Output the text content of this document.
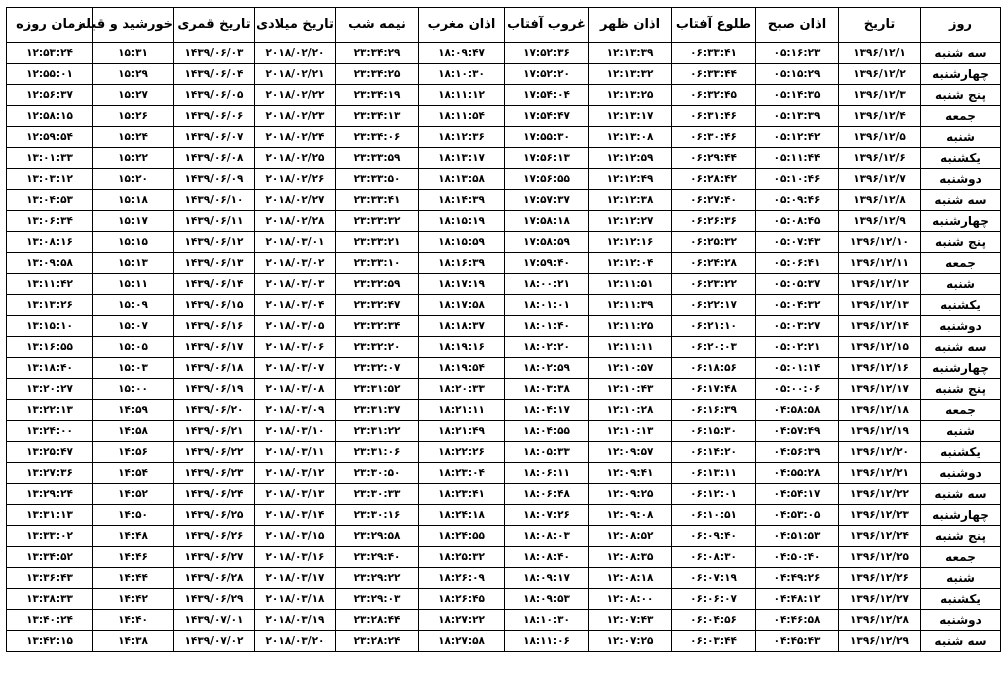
روز	تاریخ	اذان صبح	طلوع آفتاب	اذان ظهر	غروب آفتاب	اذان مغرب	نیمه شب	تاریخ میلادی	تاریخ قمری	خورشید و قبله	زمان روزه
سه شنبه	۱۳۹۶/۱۲/۱	۰۵:۱۶:۲۳	۰۶:۳۳:۴۱	۱۲:۱۳:۳۹	۱۷:۵۲:۳۶	۱۸:۰۹:۴۷	۲۳:۳۴:۲۹	۲۰۱۸/۰۲/۲۰	۱۴۳۹/۰۶/۰۳	۱۵:۳۱	۱۲:۵۳:۲۴
چهارشنبه	۱۳۹۶/۱۲/۲	۰۵:۱۵:۲۹	۰۶:۳۳:۴۴	۱۲:۱۳:۳۲	۱۷:۵۲:۲۰	۱۸:۱۰:۳۰	۲۳:۳۴:۲۵	۲۰۱۸/۰۲/۲۱	۱۴۳۹/۰۶/۰۴	۱۵:۲۹	۱۲:۵۵:۰۱
پنج شنبه	۱۳۹۶/۱۲/۳	۰۵:۱۴:۳۵	۰۶:۳۲:۴۵	۱۲:۱۳:۲۵	۱۷:۵۴:۰۴	۱۸:۱۱:۱۲	۲۳:۳۴:۱۹	۲۰۱۸/۰۲/۲۲	۱۴۳۹/۰۶/۰۵	۱۵:۲۷	۱۲:۵۶:۳۷
جمعه	۱۳۹۶/۱۲/۴	۰۵:۱۳:۳۹	۰۶:۳۱:۴۶	۱۲:۱۳:۱۷	۱۷:۵۴:۴۷	۱۸:۱۱:۵۴	۲۳:۳۴:۱۳	۲۰۱۸/۰۲/۲۳	۱۴۳۹/۰۶/۰۶	۱۵:۲۶	۱۲:۵۸:۱۵
شنبه	۱۳۹۶/۱۲/۵	۰۵:۱۲:۴۲	۰۶:۳۰:۴۶	۱۲:۱۳:۰۸	۱۷:۵۵:۳۰	۱۸:۱۲:۳۶	۲۳:۳۴:۰۶	۲۰۱۸/۰۲/۲۴	۱۴۳۹/۰۶/۰۷	۱۵:۲۴	۱۲:۵۹:۵۴
یکشنبه	۱۳۹۶/۱۲/۶	۰۵:۱۱:۴۴	۰۶:۲۹:۴۴	۱۲:۱۲:۵۹	۱۷:۵۶:۱۳	۱۸:۱۳:۱۷	۲۳:۳۳:۵۹	۲۰۱۸/۰۲/۲۵	۱۴۳۹/۰۶/۰۸	۱۵:۲۲	۱۳:۰۱:۳۳
دوشنبه	۱۳۹۶/۱۲/۷	۰۵:۱۰:۴۶	۰۶:۲۸:۴۲	۱۲:۱۲:۴۹	۱۷:۵۶:۵۵	۱۸:۱۳:۵۸	۲۳:۳۳:۵۰	۲۰۱۸/۰۲/۲۶	۱۴۳۹/۰۶/۰۹	۱۵:۲۰	۱۳:۰۳:۱۲
سه شنبه	۱۳۹۶/۱۲/۸	۰۵:۰۹:۴۶	۰۶:۲۷:۴۰	۱۲:۱۲:۳۸	۱۷:۵۷:۳۷	۱۸:۱۴:۳۹	۲۳:۳۳:۴۱	۲۰۱۸/۰۲/۲۷	۱۴۳۹/۰۶/۱۰	۱۵:۱۸	۱۳:۰۴:۵۳
چهارشنبه	۱۳۹۶/۱۲/۹	۰۵:۰۸:۴۵	۰۶:۲۶:۳۶	۱۲:۱۲:۲۷	۱۷:۵۸:۱۸	۱۸:۱۵:۱۹	۲۳:۳۳:۳۲	۲۰۱۸/۰۲/۲۸	۱۴۳۹/۰۶/۱۱	۱۵:۱۷	۱۳:۰۶:۳۴
پنج شنبه	۱۳۹۶/۱۲/۱۰	۰۵:۰۷:۴۳	۰۶:۲۵:۳۲	۱۲:۱۲:۱۶	۱۷:۵۸:۵۹	۱۸:۱۵:۵۹	۲۳:۳۳:۲۱	۲۰۱۸/۰۳/۰۱	۱۴۳۹/۰۶/۱۲	۱۵:۱۵	۱۳:۰۸:۱۶
جمعه	۱۳۹۶/۱۲/۱۱	۰۵:۰۶:۴۱	۰۶:۲۴:۲۸	۱۲:۱۲:۰۴	۱۷:۵۹:۴۰	۱۸:۱۶:۳۹	۲۳:۳۳:۱۰	۲۰۱۸/۰۳/۰۲	۱۴۳۹/۰۶/۱۳	۱۵:۱۳	۱۳:۰۹:۵۸
شنبه	۱۳۹۶/۱۲/۱۲	۰۵:۰۵:۳۷	۰۶:۲۳:۲۲	۱۲:۱۱:۵۱	۱۸:۰۰:۲۱	۱۸:۱۷:۱۹	۲۳:۳۲:۵۹	۲۰۱۸/۰۳/۰۳	۱۴۳۹/۰۶/۱۴	۱۵:۱۱	۱۳:۱۱:۴۲
یکشنبه	۱۳۹۶/۱۲/۱۳	۰۵:۰۴:۳۲	۰۶:۲۲:۱۷	۱۲:۱۱:۳۹	۱۸:۰۱:۰۱	۱۸:۱۷:۵۸	۲۳:۳۲:۴۷	۲۰۱۸/۰۳/۰۴	۱۴۳۹/۰۶/۱۵	۱۵:۰۹	۱۳:۱۳:۲۶
دوشنبه	۱۳۹۶/۱۲/۱۴	۰۵:۰۳:۲۷	۰۶:۲۱:۱۰	۱۲:۱۱:۲۵	۱۸:۰۱:۴۰	۱۸:۱۸:۳۷	۲۳:۳۲:۳۴	۲۰۱۸/۰۳/۰۵	۱۴۳۹/۰۶/۱۶	۱۵:۰۷	۱۳:۱۵:۱۰
سه شنبه	۱۳۹۶/۱۲/۱۵	۰۵:۰۲:۲۱	۰۶:۲۰:۰۳	۱۲:۱۱:۱۱	۱۸:۰۲:۲۰	۱۸:۱۹:۱۶	۲۳:۳۲:۲۰	۲۰۱۸/۰۳/۰۶	۱۴۳۹/۰۶/۱۷	۱۵:۰۵	۱۳:۱۶:۵۵
چهارشنبه	۱۳۹۶/۱۲/۱۶	۰۵:۰۱:۱۴	۰۶:۱۸:۵۶	۱۲:۱۰:۵۷	۱۸:۰۲:۵۹	۱۸:۱۹:۵۴	۲۳:۳۲:۰۷	۲۰۱۸/۰۳/۰۷	۱۴۳۹/۰۶/۱۸	۱۵:۰۳	۱۳:۱۸:۴۰
پنج شنبه	۱۳۹۶/۱۲/۱۷	۰۵:۰۰:۰۶	۰۶:۱۷:۴۸	۱۲:۱۰:۴۳	۱۸:۰۳:۳۸	۱۸:۲۰:۳۳	۲۳:۳۱:۵۲	۲۰۱۸/۰۳/۰۸	۱۴۳۹/۰۶/۱۹	۱۵:۰۰	۱۳:۲۰:۲۷
جمعه	۱۳۹۶/۱۲/۱۸	۰۴:۵۸:۵۸	۰۶:۱۶:۳۹	۱۲:۱۰:۲۸	۱۸:۰۴:۱۷	۱۸:۲۱:۱۱	۲۳:۳۱:۳۷	۲۰۱۸/۰۳/۰۹	۱۴۳۹/۰۶/۲۰	۱۴:۵۹	۱۳:۲۲:۱۳
شنبه	۱۳۹۶/۱۲/۱۹	۰۴:۵۷:۴۹	۰۶:۱۵:۳۰	۱۲:۱۰:۱۳	۱۸:۰۴:۵۵	۱۸:۲۱:۴۹	۲۳:۳۱:۲۲	۲۰۱۸/۰۳/۱۰	۱۴۳۹/۰۶/۲۱	۱۴:۵۸	۱۳:۲۴:۰۰
یکشنبه	۱۳۹۶/۱۲/۲۰	۰۴:۵۶:۳۹	۰۶:۱۴:۲۰	۱۲:۰۹:۵۷	۱۸:۰۵:۳۳	۱۸:۲۲:۲۶	۲۳:۳۱:۰۶	۲۰۱۸/۰۳/۱۱	۱۴۳۹/۰۶/۲۲	۱۴:۵۶	۱۳:۲۵:۴۷
دوشنبه	۱۳۹۶/۱۲/۲۱	۰۴:۵۵:۲۸	۰۶:۱۳:۱۱	۱۲:۰۹:۴۱	۱۸:۰۶:۱۱	۱۸:۲۳:۰۴	۲۳:۳۰:۵۰	۲۰۱۸/۰۳/۱۲	۱۴۳۹/۰۶/۲۳	۱۴:۵۴	۱۳:۲۷:۳۶
سه شنبه	۱۳۹۶/۱۲/۲۲	۰۴:۵۴:۱۷	۰۶:۱۲:۰۱	۱۲:۰۹:۲۵	۱۸:۰۶:۴۸	۱۸:۲۳:۴۱	۲۳:۳۰:۳۳	۲۰۱۸/۰۳/۱۳	۱۴۳۹/۰۶/۲۴	۱۴:۵۲	۱۳:۲۹:۲۴
چهارشنبه	۱۳۹۶/۱۲/۲۳	۰۴:۵۳:۰۵	۰۶:۱۰:۵۱	۱۲:۰۹:۰۸	۱۸:۰۷:۲۶	۱۸:۲۴:۱۸	۲۳:۳۰:۱۶	۲۰۱۸/۰۳/۱۴	۱۴۳۹/۰۶/۲۵	۱۴:۵۰	۱۳:۳۱:۱۳
پنج شنبه	۱۳۹۶/۱۲/۲۴	۰۴:۵۱:۵۳	۰۶:۰۹:۴۰	۱۲:۰۸:۵۲	۱۸:۰۸:۰۳	۱۸:۲۴:۵۵	۲۳:۲۹:۵۸	۲۰۱۸/۰۳/۱۵	۱۴۳۹/۰۶/۲۶	۱۴:۴۸	۱۳:۳۳:۰۲
جمعه	۱۳۹۶/۱۲/۲۵	۰۴:۵۰:۴۰	۰۶:۰۸:۳۰	۱۲:۰۸:۳۵	۱۸:۰۸:۴۰	۱۸:۲۵:۳۲	۲۳:۲۹:۴۰	۲۰۱۸/۰۳/۱۶	۱۴۳۹/۰۶/۲۷	۱۴:۴۶	۱۳:۳۴:۵۲
شنبه	۱۳۹۶/۱۲/۲۶	۰۴:۴۹:۲۶	۰۶:۰۷:۱۹	۱۲:۰۸:۱۸	۱۸:۰۹:۱۷	۱۸:۲۶:۰۹	۲۳:۲۹:۲۲	۲۰۱۸/۰۳/۱۷	۱۴۳۹/۰۶/۲۸	۱۴:۴۴	۱۳:۳۶:۴۳
یکشنبه	۱۳۹۶/۱۲/۲۷	۰۴:۴۸:۱۲	۰۶:۰۶:۰۷	۱۲:۰۸:۰۰	۱۸:۰۹:۵۳	۱۸:۲۶:۴۵	۲۳:۲۹:۰۳	۲۰۱۸/۰۳/۱۸	۱۴۳۹/۰۶/۲۹	۱۴:۴۲	۱۳:۳۸:۳۳
دوشنبه	۱۳۹۶/۱۲/۲۸	۰۴:۴۶:۵۸	۰۶:۰۴:۵۶	۱۲:۰۷:۴۳	۱۸:۱۰:۳۰	۱۸:۲۷:۲۲	۲۳:۲۸:۴۴	۲۰۱۸/۰۳/۱۹	۱۴۳۹/۰۷/۰۱	۱۴:۴۰	۱۳:۴۰:۲۴
سه شنبه	۱۳۹۶/۱۲/۲۹	۰۴:۴۵:۴۳	۰۶:۰۳:۴۴	۱۲:۰۷:۲۵	۱۸:۱۱:۰۶	۱۸:۲۷:۵۸	۲۳:۲۸:۲۴	۲۰۱۸/۰۳/۲۰	۱۴۳۹/۰۷/۰۲	۱۴:۳۸	۱۳:۴۲:۱۵
